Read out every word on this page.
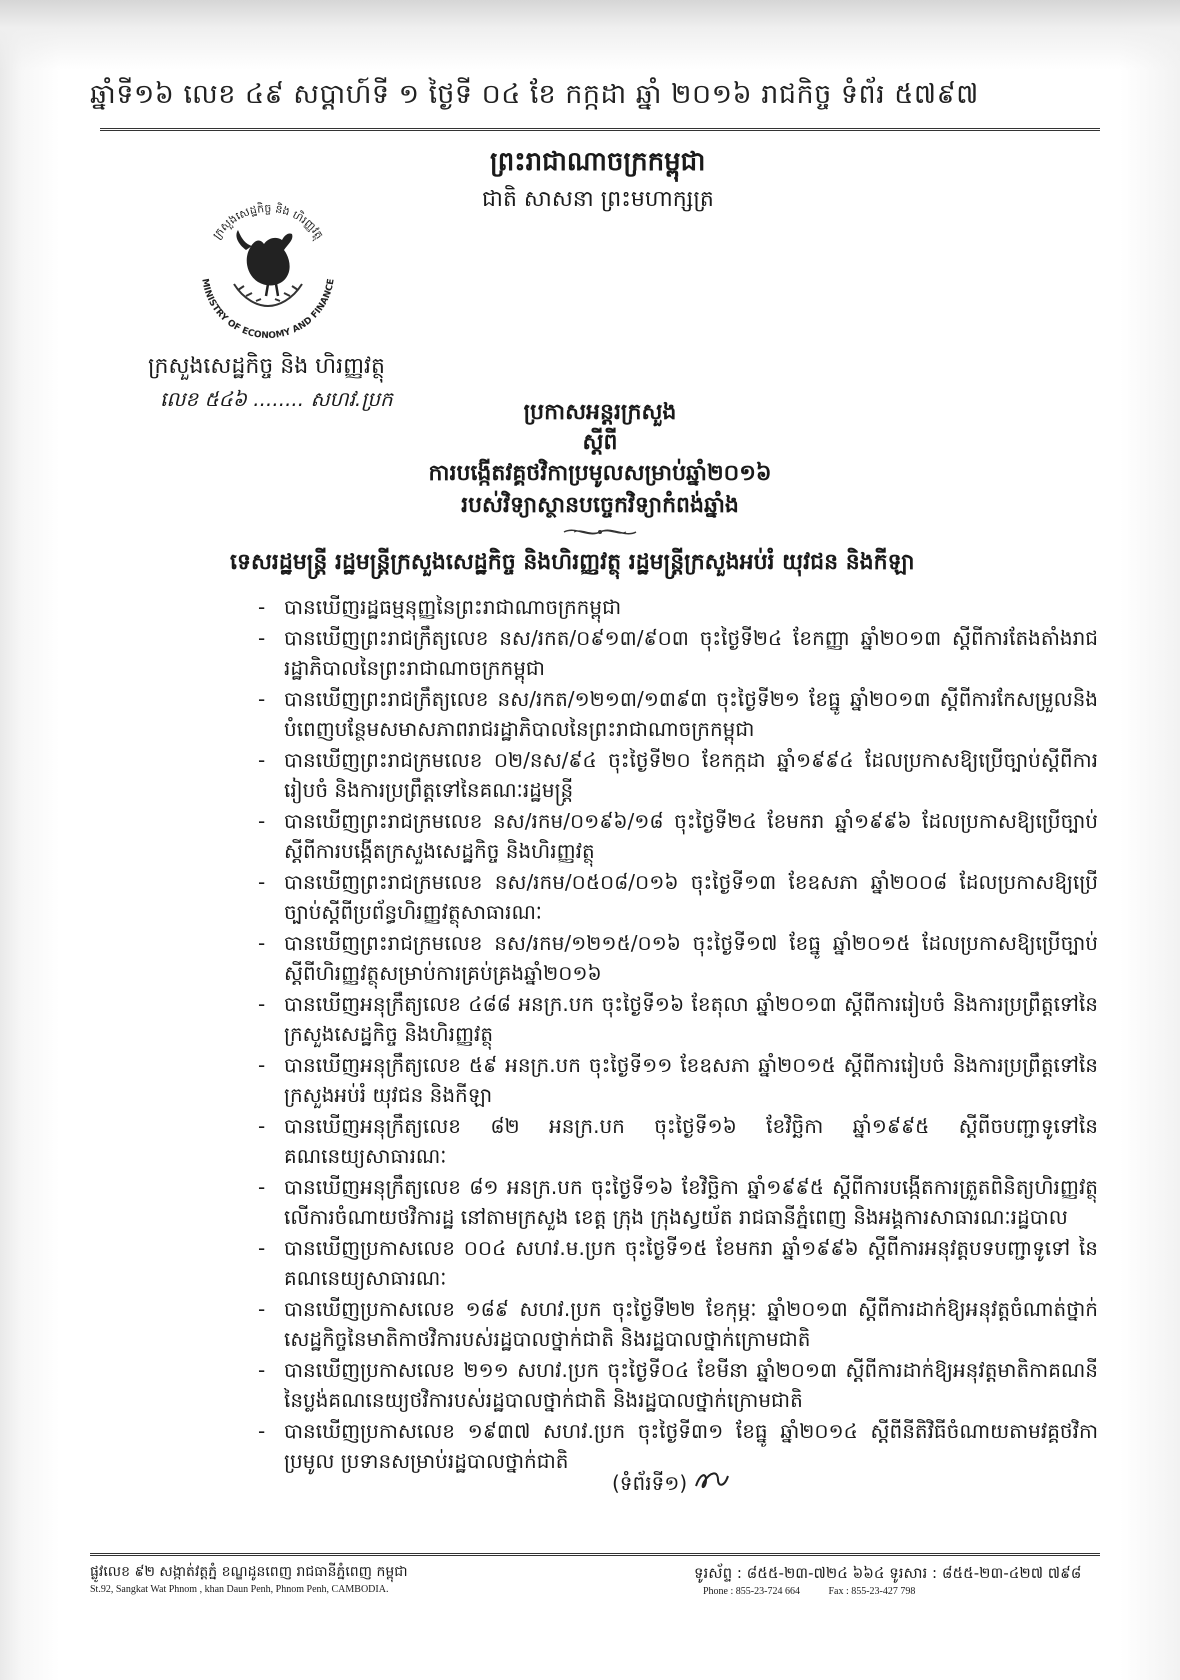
ឆ្នាំទី១៦ លេខ ៤៩ សប្តាហ៍ទី ១ ថ្ងៃទី ០៤ ខែ កក្កដា ឆ្នាំ ២០១៦ រាជកិច្ច ទំព័រ ៥៧៩៧
ព្រះរាជាណាចក្រកម្ពុជា
ជាតិ សាសនា ព្រះមហាក្សត្រ
ក្រសួងសេដ្ឋកិច្ច និង ហិរញ្ញវត្ថុ
MINISTRY OF ECONOMY AND FINANCE
ក្រសួងសេដ្ឋកិច្ច និង ហិរញ្ញវត្ថុ
លេខ ៥៤៦ ........ សហវ.ប្រក
ប្រកាសអន្តរក្រសួង
ស្តីពី
ការបង្កើតវគ្គថវិកាប្រមូលសម្រាប់ឆ្នាំ២០១៦
របស់វិទ្យាស្ថានបច្ចេកវិទ្យាកំពង់ឆ្នាំង
ទេសរដ្ឋមន្ត្រី រដ្ឋមន្ត្រីក្រសួងសេដ្ឋកិច្ច និងហិរញ្ញវត្ថុ រដ្ឋមន្ត្រីក្រសួងអប់រំ យុវជន និងកីឡា
- បានឃើញរដ្ឋធម្មនុញ្ញនៃព្រះរាជាណាចក្រកម្ពុជា
- បានឃើញព្រះរាជក្រឹត្យលេខ នស/រកត/០៩១៣/៩០៣ ចុះថ្ងៃទី២៤ ខែកញ្ញា ឆ្នាំ២០១៣ ស្តីពីការតែងតាំងរាជរដ្ឋាភិបាលនៃព្រះរាជាណាចក្រកម្ពុជា
- បានឃើញព្រះរាជក្រឹត្យលេខ នស/រកត/១២១៣/១៣៩៣ ចុះថ្ងៃទី២១ ខែធ្នូ ឆ្នាំ២០១៣ ស្តីពីការកែសម្រួលនិងបំពេញបន្ថែមសមាសភាពរាជរដ្ឋាភិបាលនៃព្រះរាជាណាចក្រកម្ពុជា
- បានឃើញព្រះរាជក្រមលេខ ០២/នស/៩៤ ចុះថ្ងៃទី២០ ខែកក្កដា ឆ្នាំ១៩៩៤ ដែលប្រកាសឱ្យប្រើច្បាប់ស្តីពីការរៀបចំ និងការប្រព្រឹត្តទៅនៃគណៈរដ្ឋមន្ត្រី
- បានឃើញព្រះរាជក្រមលេខ នស/រកម/០១៩៦/១៨ ចុះថ្ងៃទី២៤ ខែមករា ឆ្នាំ១៩៩៦ ដែលប្រកាសឱ្យប្រើច្បាប់ស្តីពីការបង្កើតក្រសួងសេដ្ឋកិច្ច និងហិរញ្ញវត្ថុ
- បានឃើញព្រះរាជក្រមលេខ នស/រកម/០៥០៨/០១៦ ចុះថ្ងៃទី១៣ ខែឧសភា ឆ្នាំ២០០៨ ដែលប្រកាសឱ្យប្រើច្បាប់ស្តីពីប្រព័ន្ធហិរញ្ញវត្ថុសាធារណៈ
- បានឃើញព្រះរាជក្រមលេខ នស/រកម/១២១៥/០១៦ ចុះថ្ងៃទី១៧ ខែធ្នូ ឆ្នាំ២០១៥ ដែលប្រកាសឱ្យប្រើច្បាប់ស្តីពីហិរញ្ញវត្ថុសម្រាប់ការគ្រប់គ្រងឆ្នាំ២០១៦
- បានឃើញអនុក្រឹត្យលេខ ៤៨៨ អនក្រ.បក ចុះថ្ងៃទី១៦ ខែតុលា ឆ្នាំ២០១៣ ស្តីពីការរៀបចំ និងការប្រព្រឹត្តទៅនៃក្រសួងសេដ្ឋកិច្ច និងហិរញ្ញវត្ថុ
- បានឃើញអនុក្រឹត្យលេខ ៥៩ អនក្រ.បក ចុះថ្ងៃទី១១ ខែឧសភា ឆ្នាំ២០១៥ ស្តីពីការរៀបចំ និងការប្រព្រឹត្តទៅនៃក្រសួងអប់រំ យុវជន និងកីឡា
- បានឃើញអនុក្រឹត្យលេខ ៨២ អនក្រ.បក ចុះថ្ងៃទី១៦ ខែវិច្ឆិកា ឆ្នាំ១៩៩៥ ស្តីពីចបញ្ជាទូទៅនៃគណនេយ្យសាធារណៈ
- បានឃើញអនុក្រឹត្យលេខ ៨១ អនក្រ.បក ចុះថ្ងៃទី១៦ ខែវិច្ឆិកា ឆ្នាំ១៩៩៥ ស្តីពីការបង្កើតការត្រួតពិនិត្យហិរញ្ញវត្ថុ លើការចំណាយថវិការដ្ឋ នៅតាមក្រសួង ខេត្ត ក្រុង ក្រុងស្វយ័ត រាជធានីភ្នំពេញ និងអង្គការសាធារណៈរដ្ឋបាល
- បានឃើញប្រកាសលេខ ០០៤ សហវ.ម.ប្រក ចុះថ្ងៃទី១៥ ខែមករា ឆ្នាំ១៩៩៦ ស្តីពីការអនុវត្តបទបញ្ជាទូទៅ នៃគណនេយ្យសាធារណៈ
- បានឃើញប្រកាសលេខ ១៨៩ សហវ.ប្រក ចុះថ្ងៃទី២២ ខែកុម្ភៈ ឆ្នាំ២០១៣ ស្តីពីការដាក់ឱ្យអនុវត្តចំណាត់ថ្នាក់សេដ្ឋកិច្ចនៃមាតិកាថវិការបស់រដ្ឋបាលថ្នាក់ជាតិ និងរដ្ឋបាលថ្នាក់ក្រោមជាតិ
- បានឃើញប្រកាសលេខ ២១១ សហវ.ប្រក ចុះថ្ងៃទី០៤ ខែមីនា ឆ្នាំ២០១៣ ស្តីពីការដាក់ឱ្យអនុវត្តមាតិកាគណនី នៃប្លង់គណនេយ្យថវិការបស់រដ្ឋបាលថ្នាក់ជាតិ និងរដ្ឋបាលថ្នាក់ក្រោមជាតិ
- បានឃើញប្រកាសលេខ ១៩៣៧ សហវ.ប្រក ចុះថ្ងៃទី៣១ ខែធ្នូ ឆ្នាំ២០១៤ ស្តីពីនីតិវិធីចំណាយតាមវគ្គថវិកាប្រមូល ប្រទានសម្រាប់រដ្ឋបាលថ្នាក់ជាតិ
(ទំព័រទី១)
ផ្លូវលេខ ៩២ សង្កាត់វត្តភ្នំ ខណ្ឌដូនពេញ រាជធានីភ្នំពេញ កម្ពុជា
St.92, Sangkat Wat Phnom , khan Daun Penh, Phnom Penh, CAMBODIA.
ទូរស័ព្ទ : ៨៥៥-២៣-៧២៤ ៦៦៤ ទូរសារ : ៨៥៥-២៣-៤២៧ ៧៩៨
Phone : 855-23-724 664	Fax : 855-23-427 798
